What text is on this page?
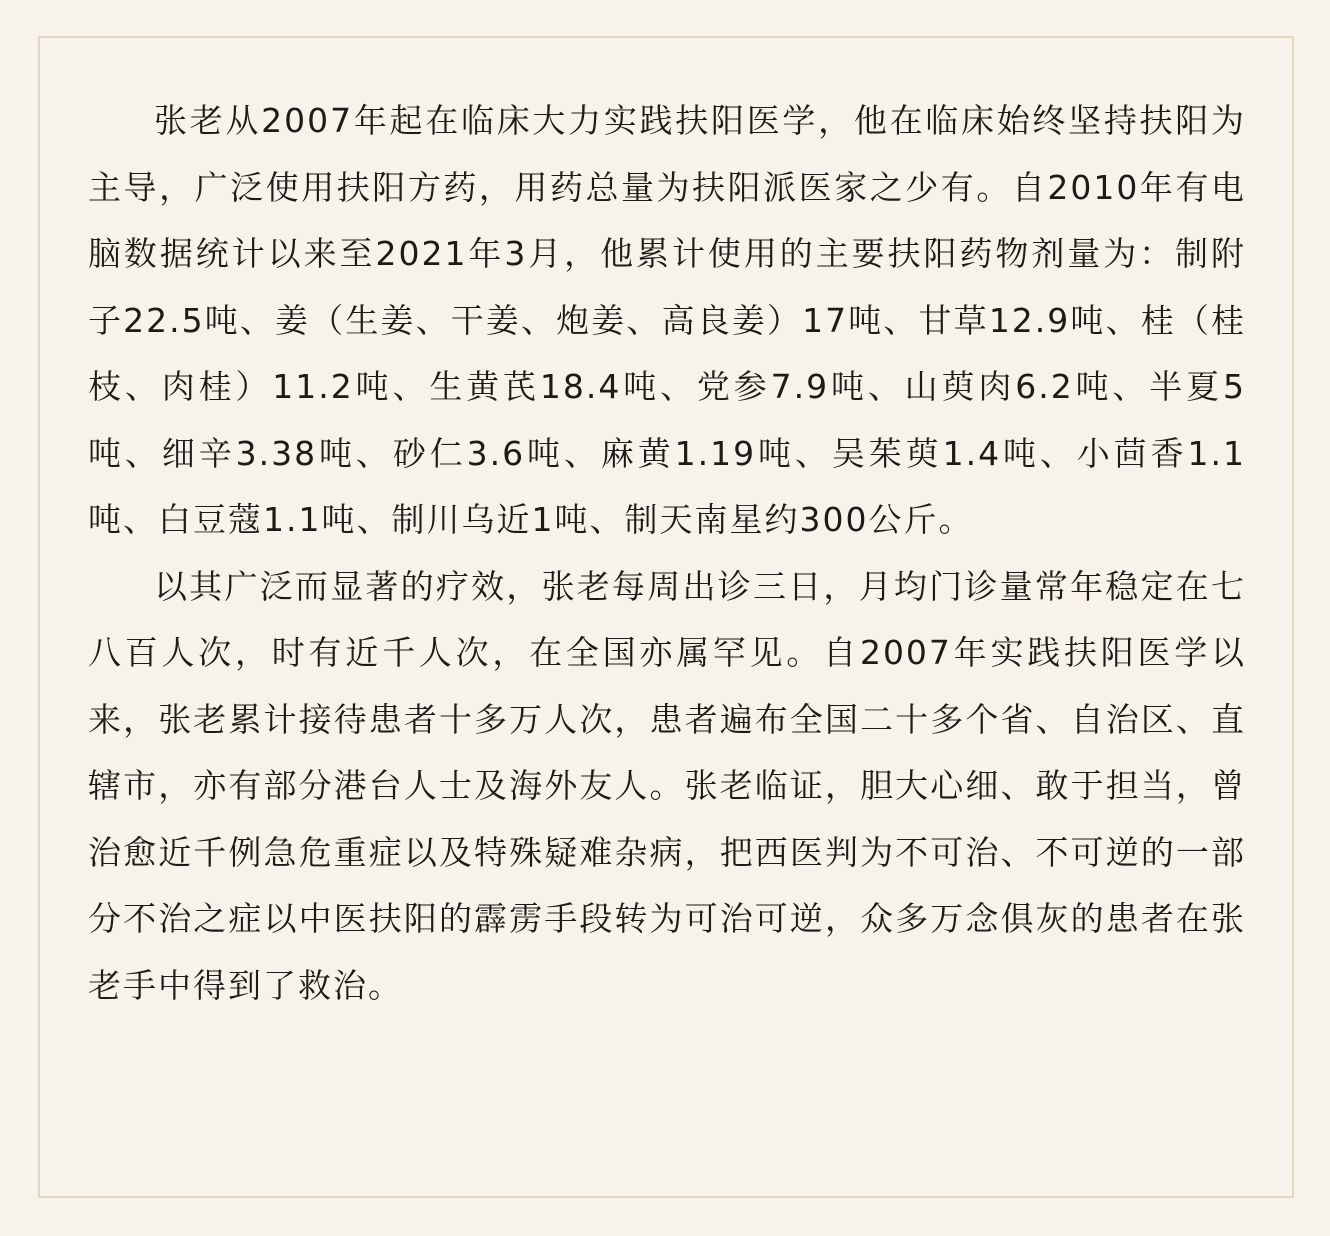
张老从2007年起在临床大力实践扶阳医学，他在临床始终坚持扶阳为主导，广泛使用扶阳方药，用药总量为扶阳派医家之少有。自2010年有电脑数据统计以来至2021年3月，他累计使用的主要扶阳药物剂量为：制附子22.5吨、姜（生姜、干姜、炮姜、高良姜）17吨、甘草12.9吨、桂（桂枝、肉桂）11.2吨、生黄芪18.4吨、党参7.9吨、山萸肉6.2吨、半夏5吨、细辛3.38吨、砂仁3.6吨、麻黄1.19吨、吴茱萸1.4吨、小茴香1.1吨、白豆蔻1.1吨、制川乌近1吨、制天南星约300公斤。

以其广泛而显著的疗效，张老每周出诊三日，月均门诊量常年稳定在七八百人次，时有近千人次，在全国亦属罕见。自2007年实践扶阳医学以来，张老累计接待患者十多万人次，患者遍布全国二十多个省、自治区、直辖市，亦有部分港台人士及海外友人。张老临证，胆大心细、敢于担当，曾治愈近千例急危重症以及特殊疑难杂病，把西医判为不可治、不可逆的一部分不治之症以中医扶阳的霹雳手段转为可治可逆，众多万念俱灰的患者在张老手中得到了救治。
